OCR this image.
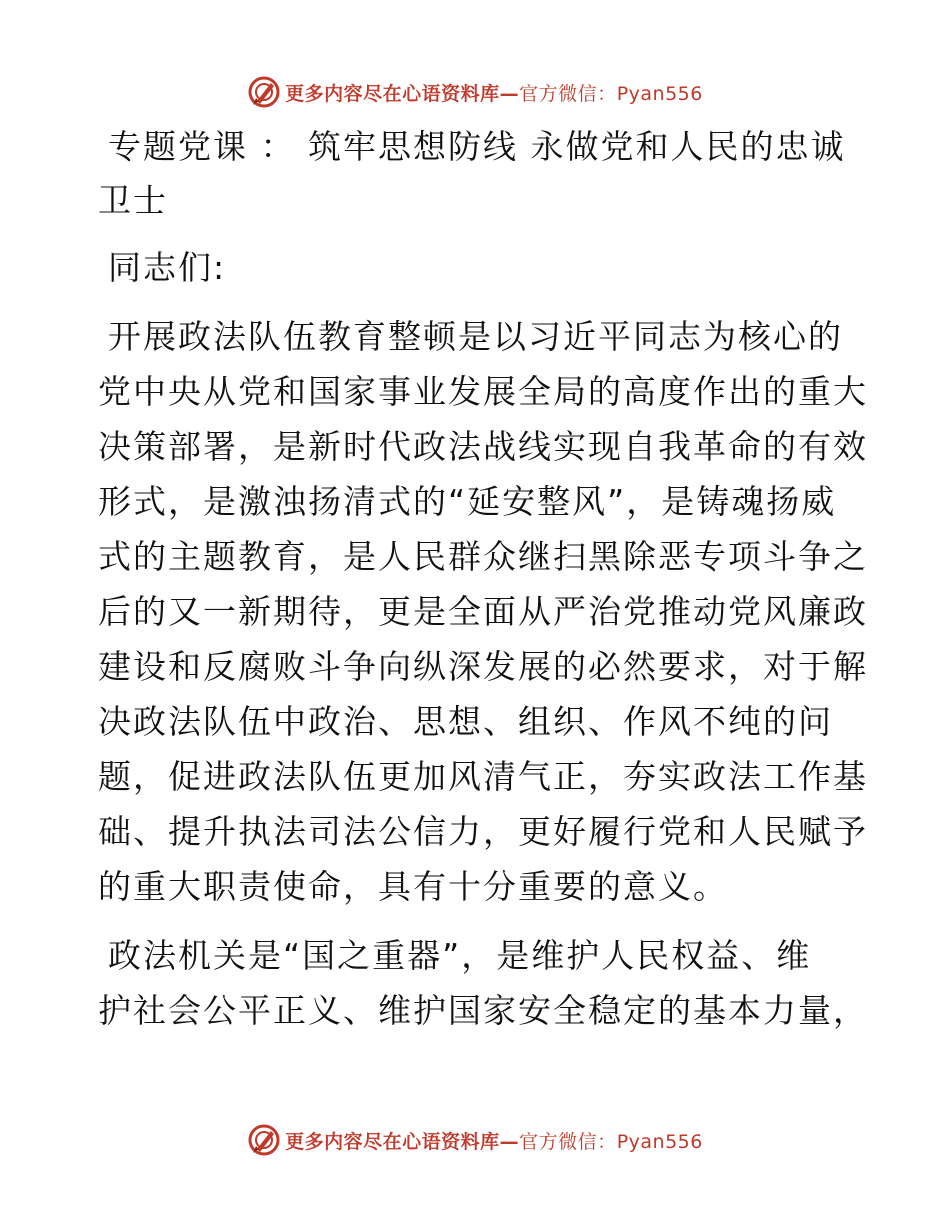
更多内容尽在心语资料库—官方微信：Pyan556
专题党课 ： 筑牢思想防线 永做党和人民的忠诚
卫士

同志们:

开展政法队伍教育整顿是以习近平同志为核心的
党中央从党和国家事业发展全局的高度作出的重大
决策部署，是新时代政法战线实现自我革命的有效
形式，是激浊扬清式的“延安整风”，是铸魂扬威
式的主题教育，是人民群众继扫黑除恶专项斗争之
后的又一新期待，更是全面从严治党推动党风廉政
建设和反腐败斗争向纵深发展的必然要求，对于解
决政法队伍中政治、思想、组织、作风不纯的问
题，促进政法队伍更加风清气正，夯实政法工作基
础、提升执法司法公信力，更好履行党和人民赋予
的重大职责使命，具有十分重要的意义。
政法机关是“国之重器”，是维护人民权益、维
护社会公平正义、维护国家安全稳定的基本力量，
更多内容尽在心语资料库—官方微信：Pyan556
